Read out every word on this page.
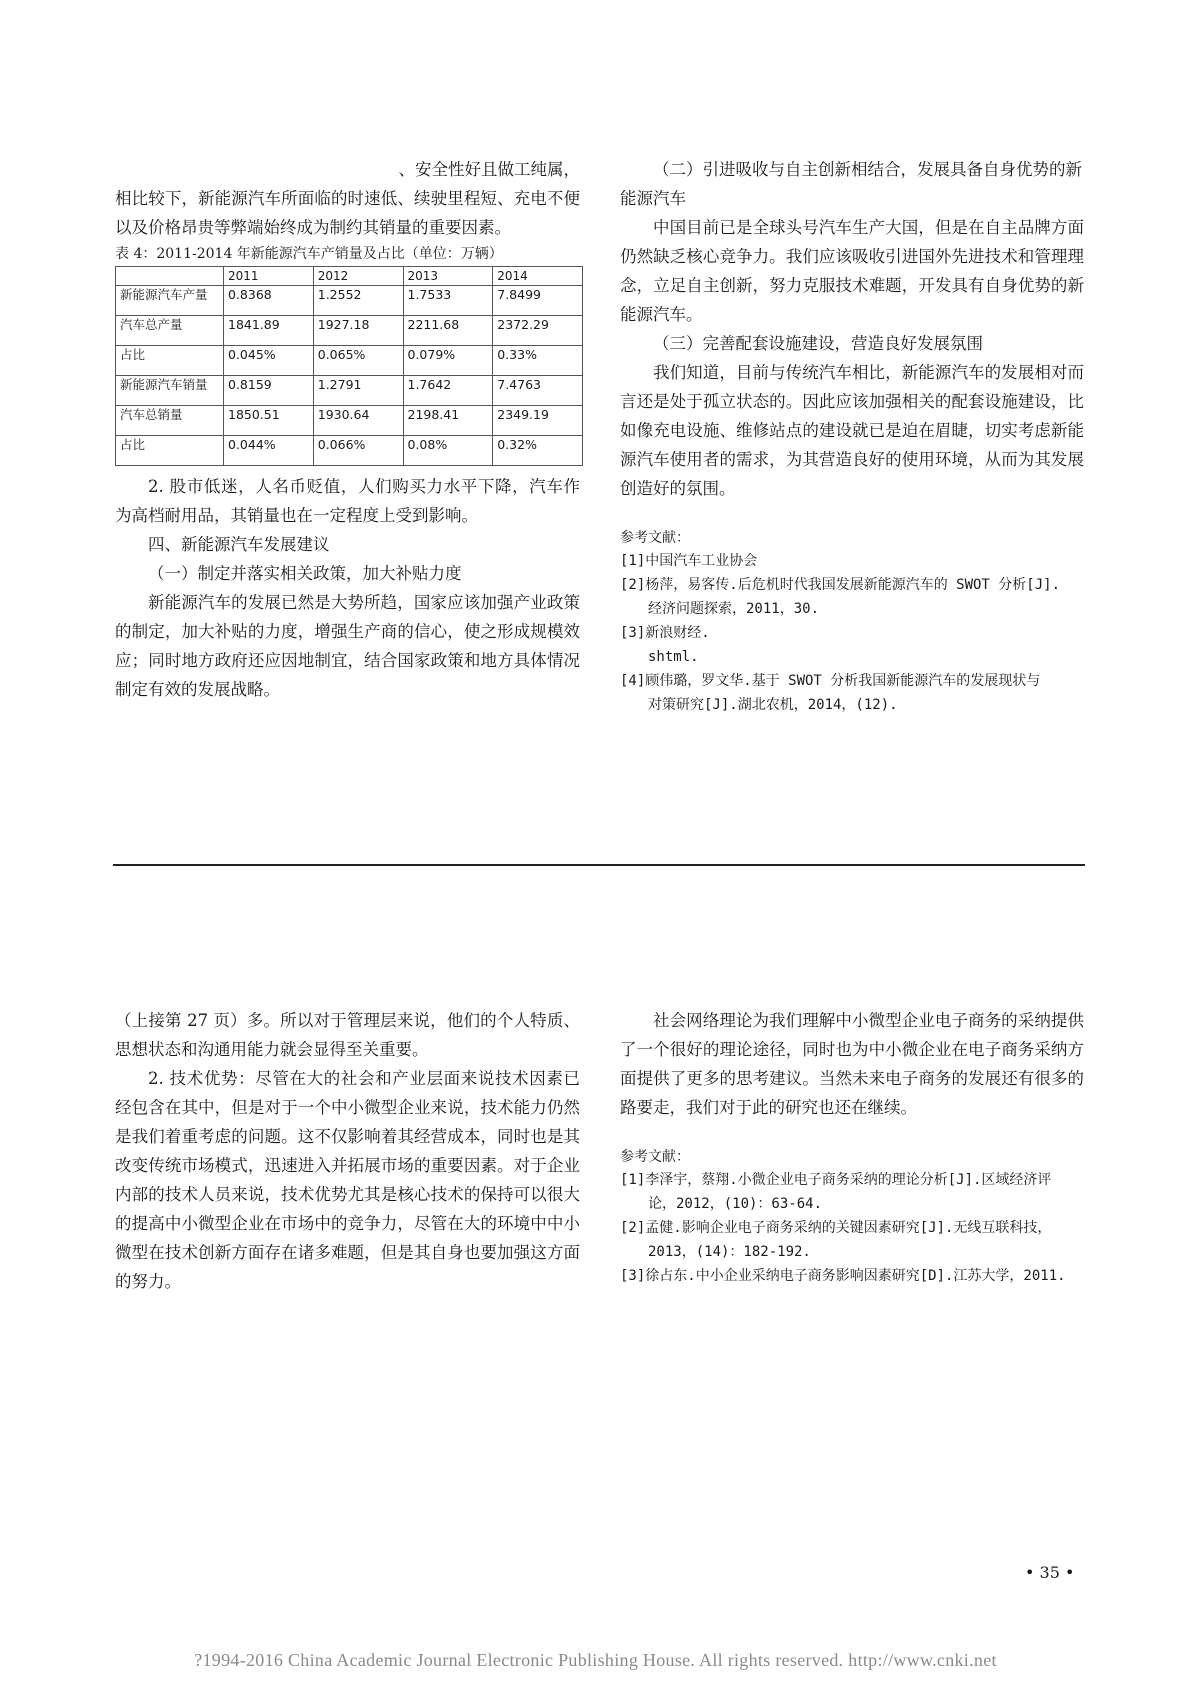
、安全性好且做工纯属，

相比较下，新能源汽车所面临的时速低、续驶里程短、充电不便以及价格昂贵等弊端始终成为制约其销量的重要因素。

表 4：2011-2014 年新能源汽车产销量及占比（单位：万辆）
	2011	2012	2013	2014
新能源汽车产量	0.8368	1.2552	1.7533	7.8499
汽车总产量	1841.89	1927.18	2211.68	2372.29
占比	0.045%	0.065%	0.079%	0.33%
新能源汽车销量	0.8159	1.2791	1.7642	7.4763
汽车总销量	1850.51	1930.64	2198.41	2349.19
占比	0.044%	0.066%	0.08%	0.32%

2. 股市低迷，人名币贬值，人们购买力水平下降，汽车作为高档耐用品，其销量也在一定程度上受到影响。

四、新能源汽车发展建议

（一）制定并落实相关政策，加大补贴力度

新能源汽车的发展已然是大势所趋，国家应该加强产业政策的制定，加大补贴的力度，增强生产商的信心，使之形成规模效应；同时地方政府还应因地制宜，结合国家政策和地方具体情况制定有效的发展战略。

（二）引进吸收与自主创新相结合，发展具备自身优势的新能源汽车

中国目前已是全球头号汽车生产大国，但是在自主品牌方面仍然缺乏核心竞争力。我们应该吸收引进国外先进技术和管理理念，立足自主创新，努力克服技术难题，开发具有自身优势的新能源汽车。

（三）完善配套设施建设，营造良好发展氛围

我们知道，目前与传统汽车相比，新能源汽车的发展相对而言还是处于孤立状态的。因此应该加强相关的配套设施建设，比如像充电设施、维修站点的建设就已是迫在眉睫，切实考虑新能源汽车使用者的需求，为其营造良好的使用环境，从而为其发展创造好的氛围。

参考文献：
[1]中国汽车工业协会
[2]杨萍，易客传.后危机时代我国发展新能源汽车的 SWOT 分析[J].
经济问题探索，2011，30.
[3]新浪财经.
shtml.
[4]顾伟璐，罗文华.基于 SWOT 分析我国新能源汽车的发展现状与
对策研究[J].湖北农机，2014，(12).

（上接第 27 页）多。所以对于管理层来说，他们的个人特质、思想状态和沟通用能力就会显得至关重要。

2. 技术优势：尽管在大的社会和产业层面来说技术因素已经包含在其中，但是对于一个中小微型企业来说，技术能力仍然是我们着重考虑的问题。这不仅影响着其经营成本，同时也是其改变传统市场模式，迅速进入并拓展市场的重要因素。对于企业内部的技术人员来说，技术优势尤其是核心技术的保持可以很大的提高中小微型企业在市场中的竞争力，尽管在大的环境中中小微型在技术创新方面存在诸多难题，但是其自身也要加强这方面的努力。

社会网络理论为我们理解中小微型企业电子商务的采纳提供了一个很好的理论途径，同时也为中小微企业在电子商务采纳方面提供了更多的思考建议。当然未来电子商务的发展还有很多的路要走，我们对于此的研究也还在继续。

参考文献：
[1]李泽宇，蔡翔.小微企业电子商务采纳的理论分析[J].区域经济评
论，2012，(10)：63-64.
[2]孟健.影响企业电子商务采纳的关键因素研究[J].无线互联科技，
2013，(14)：182-192.
[3]徐占东.中小企业采纳电子商务影响因素研究[D].江苏大学，2011.
• 35 •
?1994-2016 China Academic Journal Electronic Publishing House. All rights reserved. http://www.cnki.net
